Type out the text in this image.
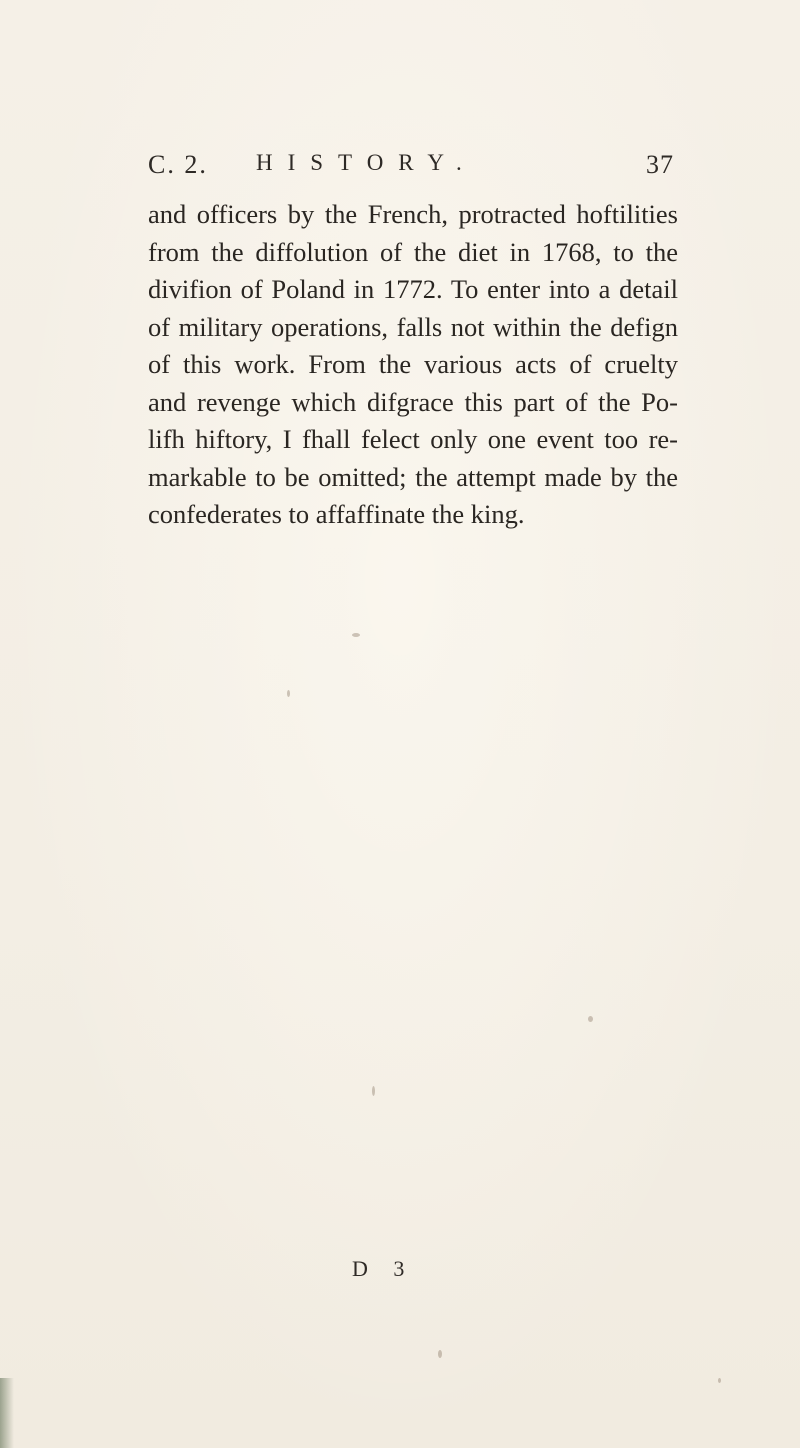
C. 2. HISTORY.	37
and officers by the French, protracted hoftilities
from the diffolution of the diet in 1768, to the
divifion of Poland in 1772. To enter into a detail
of military operations, falls not within the defign
of this work. From the various acts of cruelty
and revenge which difgrace this part of the Po-
lifh hiftory, I fhall felect only one event too re-
markable to be omitted; the attempt made by the
confederates to affaffinate the king.
D 3
